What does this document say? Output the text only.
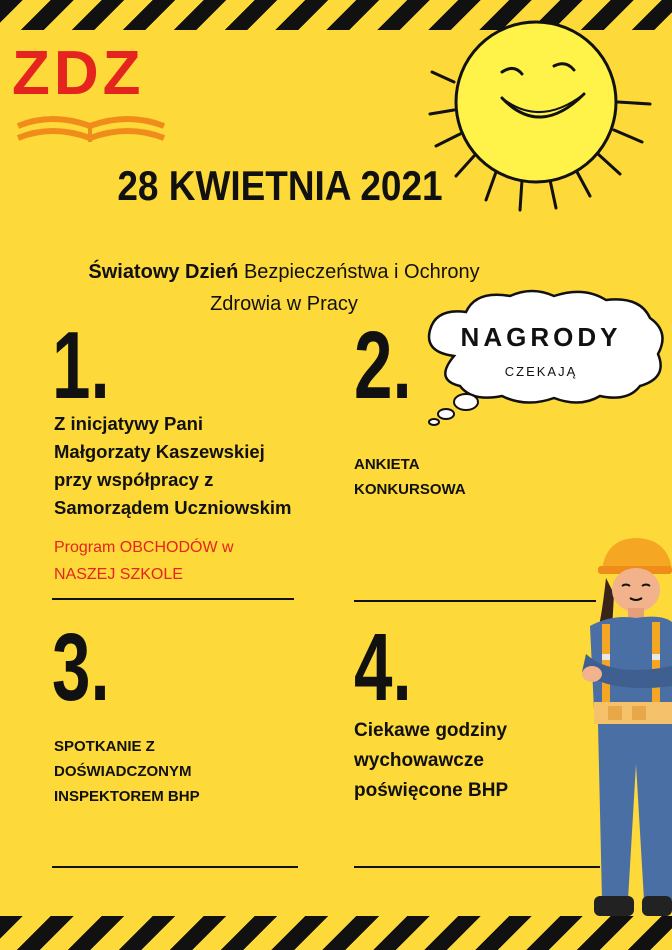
ZDZ
28 KWIETNIA 2021
Światowy Dzień Bezpieczeństwa i Ochrony
Zdrowia w Pracy
NAGRODY
CZEKAJĄ
1.
Z inicjatywy Pani
Małgorzaty Kaszewskiej
przy współpracy z
Samorządem Uczniowskim
Program OBCHODÓW w
NASZEJ SZKOLE
2.
ANKIETA
KONKURSOWA
3.
SPOTKANIE Z
DOŚWIADCZONYM
INSPEKTOREM BHP
4.
Ciekawe godziny
wychowawcze
poświęcone BHP
